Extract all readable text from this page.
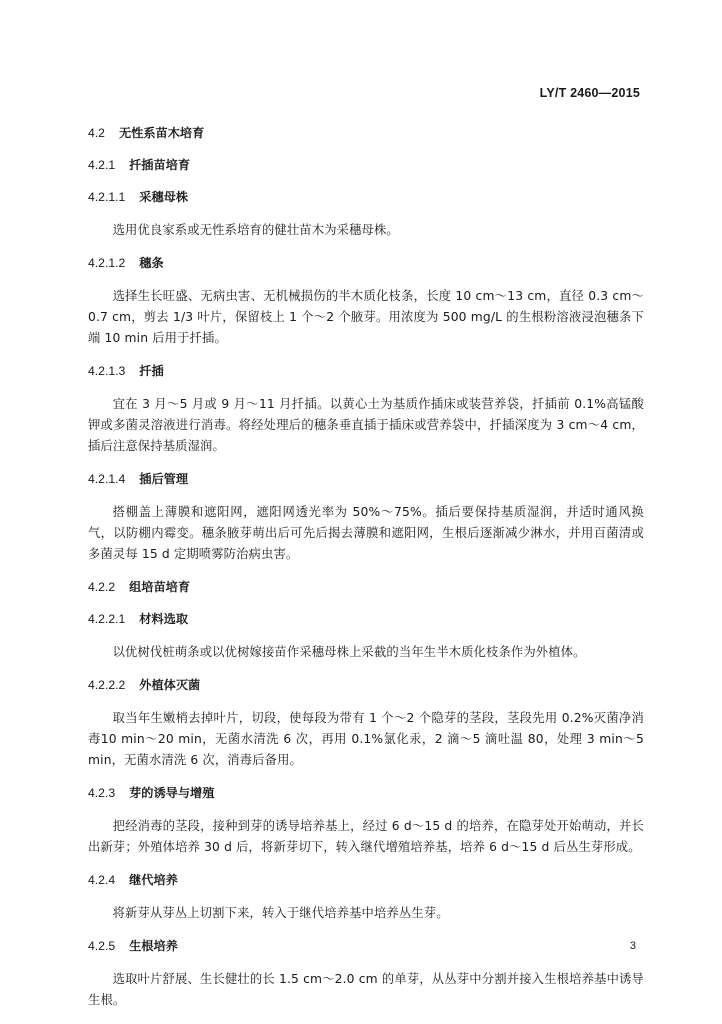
LY/T 2460—2015
4.2 无性系苗木培育
4.2.1 扦插苗培育
4.2.1.1 采穗母株

选用优良家系或无性系培育的健壮苗木为采穗母株。

4.2.1.2 穗条

选择生长旺盛、无病虫害、无机械损伤的半木质化枝条，长度 10 cm～13 cm，直径 0.3 cm～0.7 cm，剪去 1/3 叶片，保留枝上 1 个～2 个腋芽。用浓度为 500 mg/L 的生根粉溶液浸泡穗条下端 10 min 后用于扦插。

4.2.1.3 扦插

宜在 3 月～5 月或 9 月～11 月扦插。以黄心土为基质作插床或装营养袋，扦插前 0.1%高锰酸钾或多菌灵溶液进行消毒。将经处理后的穗条垂直插于插床或营养袋中，扦插深度为 3 cm～4 cm，插后注意保持基质湿润。

4.2.1.4 插后管理

搭棚盖上薄膜和遮阳网，遮阳网透光率为 50%～75%。插后要保持基质湿润，并适时通风换气，以防棚内霉变。穗条腋芽萌出后可先后揭去薄膜和遮阳网，生根后逐渐减少淋水，并用百菌清或多菌灵每 15 d 定期喷雾防治病虫害。

4.2.2 组培苗培育
4.2.2.1 材料选取

以优树伐桩萌条或以优树嫁接苗作采穗母株上采截的当年生半木质化枝条作为外植体。

4.2.2.2 外植体灭菌

取当年生嫩梢去掉叶片，切段，使每段为带有 1 个～2 个隐芽的茎段，茎段先用 0.2%灭菌净消毒10 min～20 min，无菌水清洗 6 次，再用 0.1%氯化汞，2 滴～5 滴吐温 80，处理 3 min～5 min，无菌水清洗 6 次，消毒后备用。

4.2.3 芽的诱导与增殖

把经消毒的茎段，接种到芽的诱导培养基上，经过 6 d～15 d 的培养，在隐芽处开始萌动，并长出新芽；外殖体培养 30 d 后，将新芽切下，转入继代增殖培养基，培养 6 d～15 d 后丛生芽形成。

4.2.4 继代培养

将新芽从芽丛上切割下来，转入于继代培养基中培养丛生芽。

4.2.5 生根培养

选取叶片舒展、生长健壮的长 1.5 cm～2.0 cm 的单芽，从丛芽中分割并接入生根培养基中诱导生根。

3
